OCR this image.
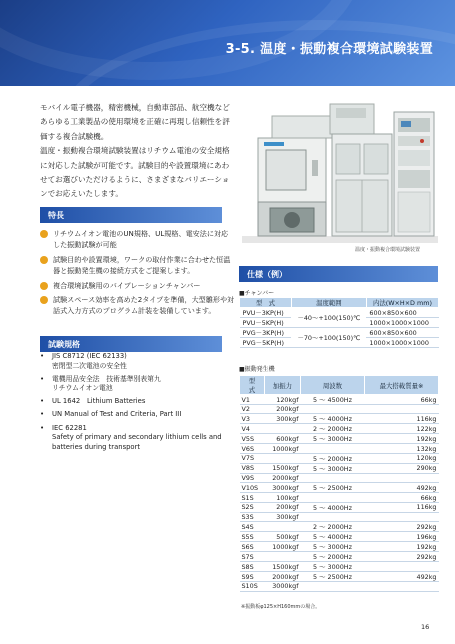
3-5. 温度・振動複合環境試験装置

モバイル電子機器，精密機械，自動車部品、航空機などあらゆる工業製品の使用環境を正確に再現し信頼性を評価する複合試験機。

温度・振動複合環境試験装置はリチウム電池の安全規格に対応した試験が可能です。試験目的や設置環境にあわせてお選びいただけるように、さまざまなバリエーションでお応えいたします。

温度・振動複合環境試験装置
特長
リチウムイオン電池のUN規格、UL規格、電安法に対応した振動試験が可能
試験目的や設置環境，ワークの取付作業に合わせた恒温器と振動発生機の接続方式をご提案します。
複合環境試験用のバイブレーションチャンバー
試験スペース効率を高めた2タイプを準備，大型雛形や対話式入力方式のプログラム計装を装備しています。
試験規格
• JIS C8712 (IEC 62133)
密閉型二次電池の安全性
• 電機用品安全法　技術基準別表第九
リチウムイオン電池
• UL 1642　Lithium Batteries
• UN Manual of Test and Criteria, Part III
• IEC 62281
Safety of primary and secondary lithium cells and batteries during transport
仕様（例）
■チャンバー
型　式	温度範囲	内法(W×H×D mm)
PVU－3KP(H)	－40～+100(150)℃	600×850×600
PVU－5KP(H)		1000×1000×1000
PVG－3KP(H)	－70～+100(150)℃	600×850×600
PVG－5KP(H)		1000×1000×1000
■振動発生機
型　式	加振力	周波数	最大搭載質量※
V1	120kgf	5 ～ 4500Hz	66kg
V2	200kgf		
V3	300kgf	5 ～ 4000Hz	116kg
V4		2 ～ 2000Hz	122kg
V5S	600kgf	5 ～ 3000Hz	192kg
V6S	1000kgf		132kg
V7S		5 ～ 2000Hz	120kg
V8S	1500kgf	5 ～ 3000Hz	290kg
V9S	2000kgf		
V10S	3000kgf	5 ～ 2500Hz	492kg
S1S	100kgf		66kg
S2S	200kgf	5 ～ 4000Hz	116kg
S3S	300kgf		
S4S		2 ～ 2000Hz	292kg
S5S	500kgf	5 ～ 4000Hz	196kg
S6S	1000kgf	5 ～ 3000Hz	192kg
S7S		5 ～ 2000Hz	292kg
S8S	1500kgf	5 ～ 3000Hz	
S9S	2000kgf	5 ～ 2500Hz	492kg
S10S	3000kgf		
※振動板φ125×H160mmの場合。
16
